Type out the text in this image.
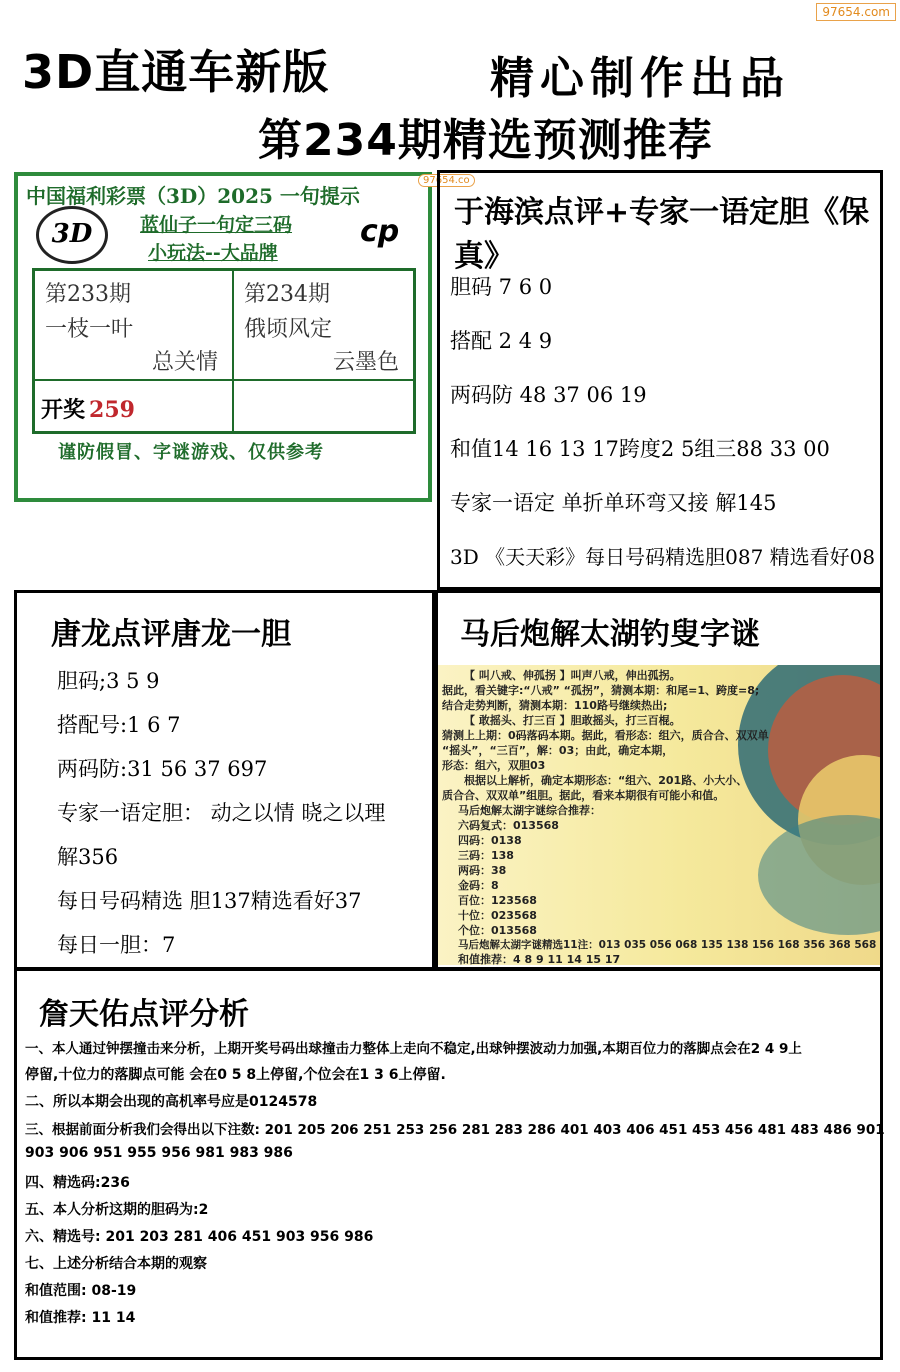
97654.com
3D直通车新版	精心制作出品
第234期精选预测推荐
中国福利彩票（3D）2025 一句提示
97654.co
3D	蓝仙子一句定三码
小玩法--大品牌
cp
第233期
一枝一叶
总关情
第234期
俄顷风定
云墨色
开奖 259
谨防假冒、字谜游戏、仅供参考
于海滨点评+专家一语定胆《保真》
胆码 7 6 0
搭配 2 4 9
两码防 48 37 06 19
和值14 16 13 17跨度2 5组三88 33 00
专家一语定 单折单环弯又接 解145
3D 《天天彩》每日号码精选胆087 精选看好08
唐龙点评唐龙一胆
胆码;3 5 9
搭配号:1 6 7
两码防:31 56 37 697
专家一语定胆： 动之以情 晓之以理
解356
每日号码精选 胆137精选看好37
每日一胆：7
马后炮解太湖钓叟字谜
【 叫八戒、伸孤拐 】叫声八戒，伸出孤拐。
据此，看关键字:“八戒” “孤拐”，猜测本期：和尾=1、跨度=8;
结合走势判断，猜测本期：110路号继续热出;
【 敢摇头、打三百 】胆敢摇头，打三百棍。
猜测上上期：0码落码本期。据此，看形态：组六，质合合、双双单
“摇头”，“三百”，解：03；由此，确定本期，
形态：组六，双胆03
根据以上解析，确定本期形态：“组六、201路、小大小、
质合合、双双单”组胆。据此，看来本期很有可能小和值。
马后炮解太湖字谜综合推荐：
六码复式：013568
四码：0138
三码：138
两码：38
金码：8
百位：123568
十位：023568
个位：013568
马后炮解太湖字谜精选11注：013 035 056 068 135 138 156 168 356 368 568
和值推荐：4 8 9 11 14 15 17
詹天佑点评分析
一、本人通过钟摆撞击来分析，上期开奖号码出球撞击力整体上走向不稳定,出球钟摆波动力加强,本期百位力的落脚点会在2 4 9上
停留,十位力的落脚点可能 会在0 5 8上停留,个位会在1 3 6上停留.
二、所以本期会出现的高机率号应是0124578
三、根据前面分析我们会得出以下注数: 201 205 206 251 253 256 281 283 286 401 403 406 451 453 456 481 483 486 901
903 906 951 955 956 981 983 986
四、精选码:236
五、本人分析这期的胆码为:2
六、精选号: 201 203 281 406 451 903 956 986
七、上述分析结合本期的观察
和值范围: 08-19
和值推荐: 11 14
